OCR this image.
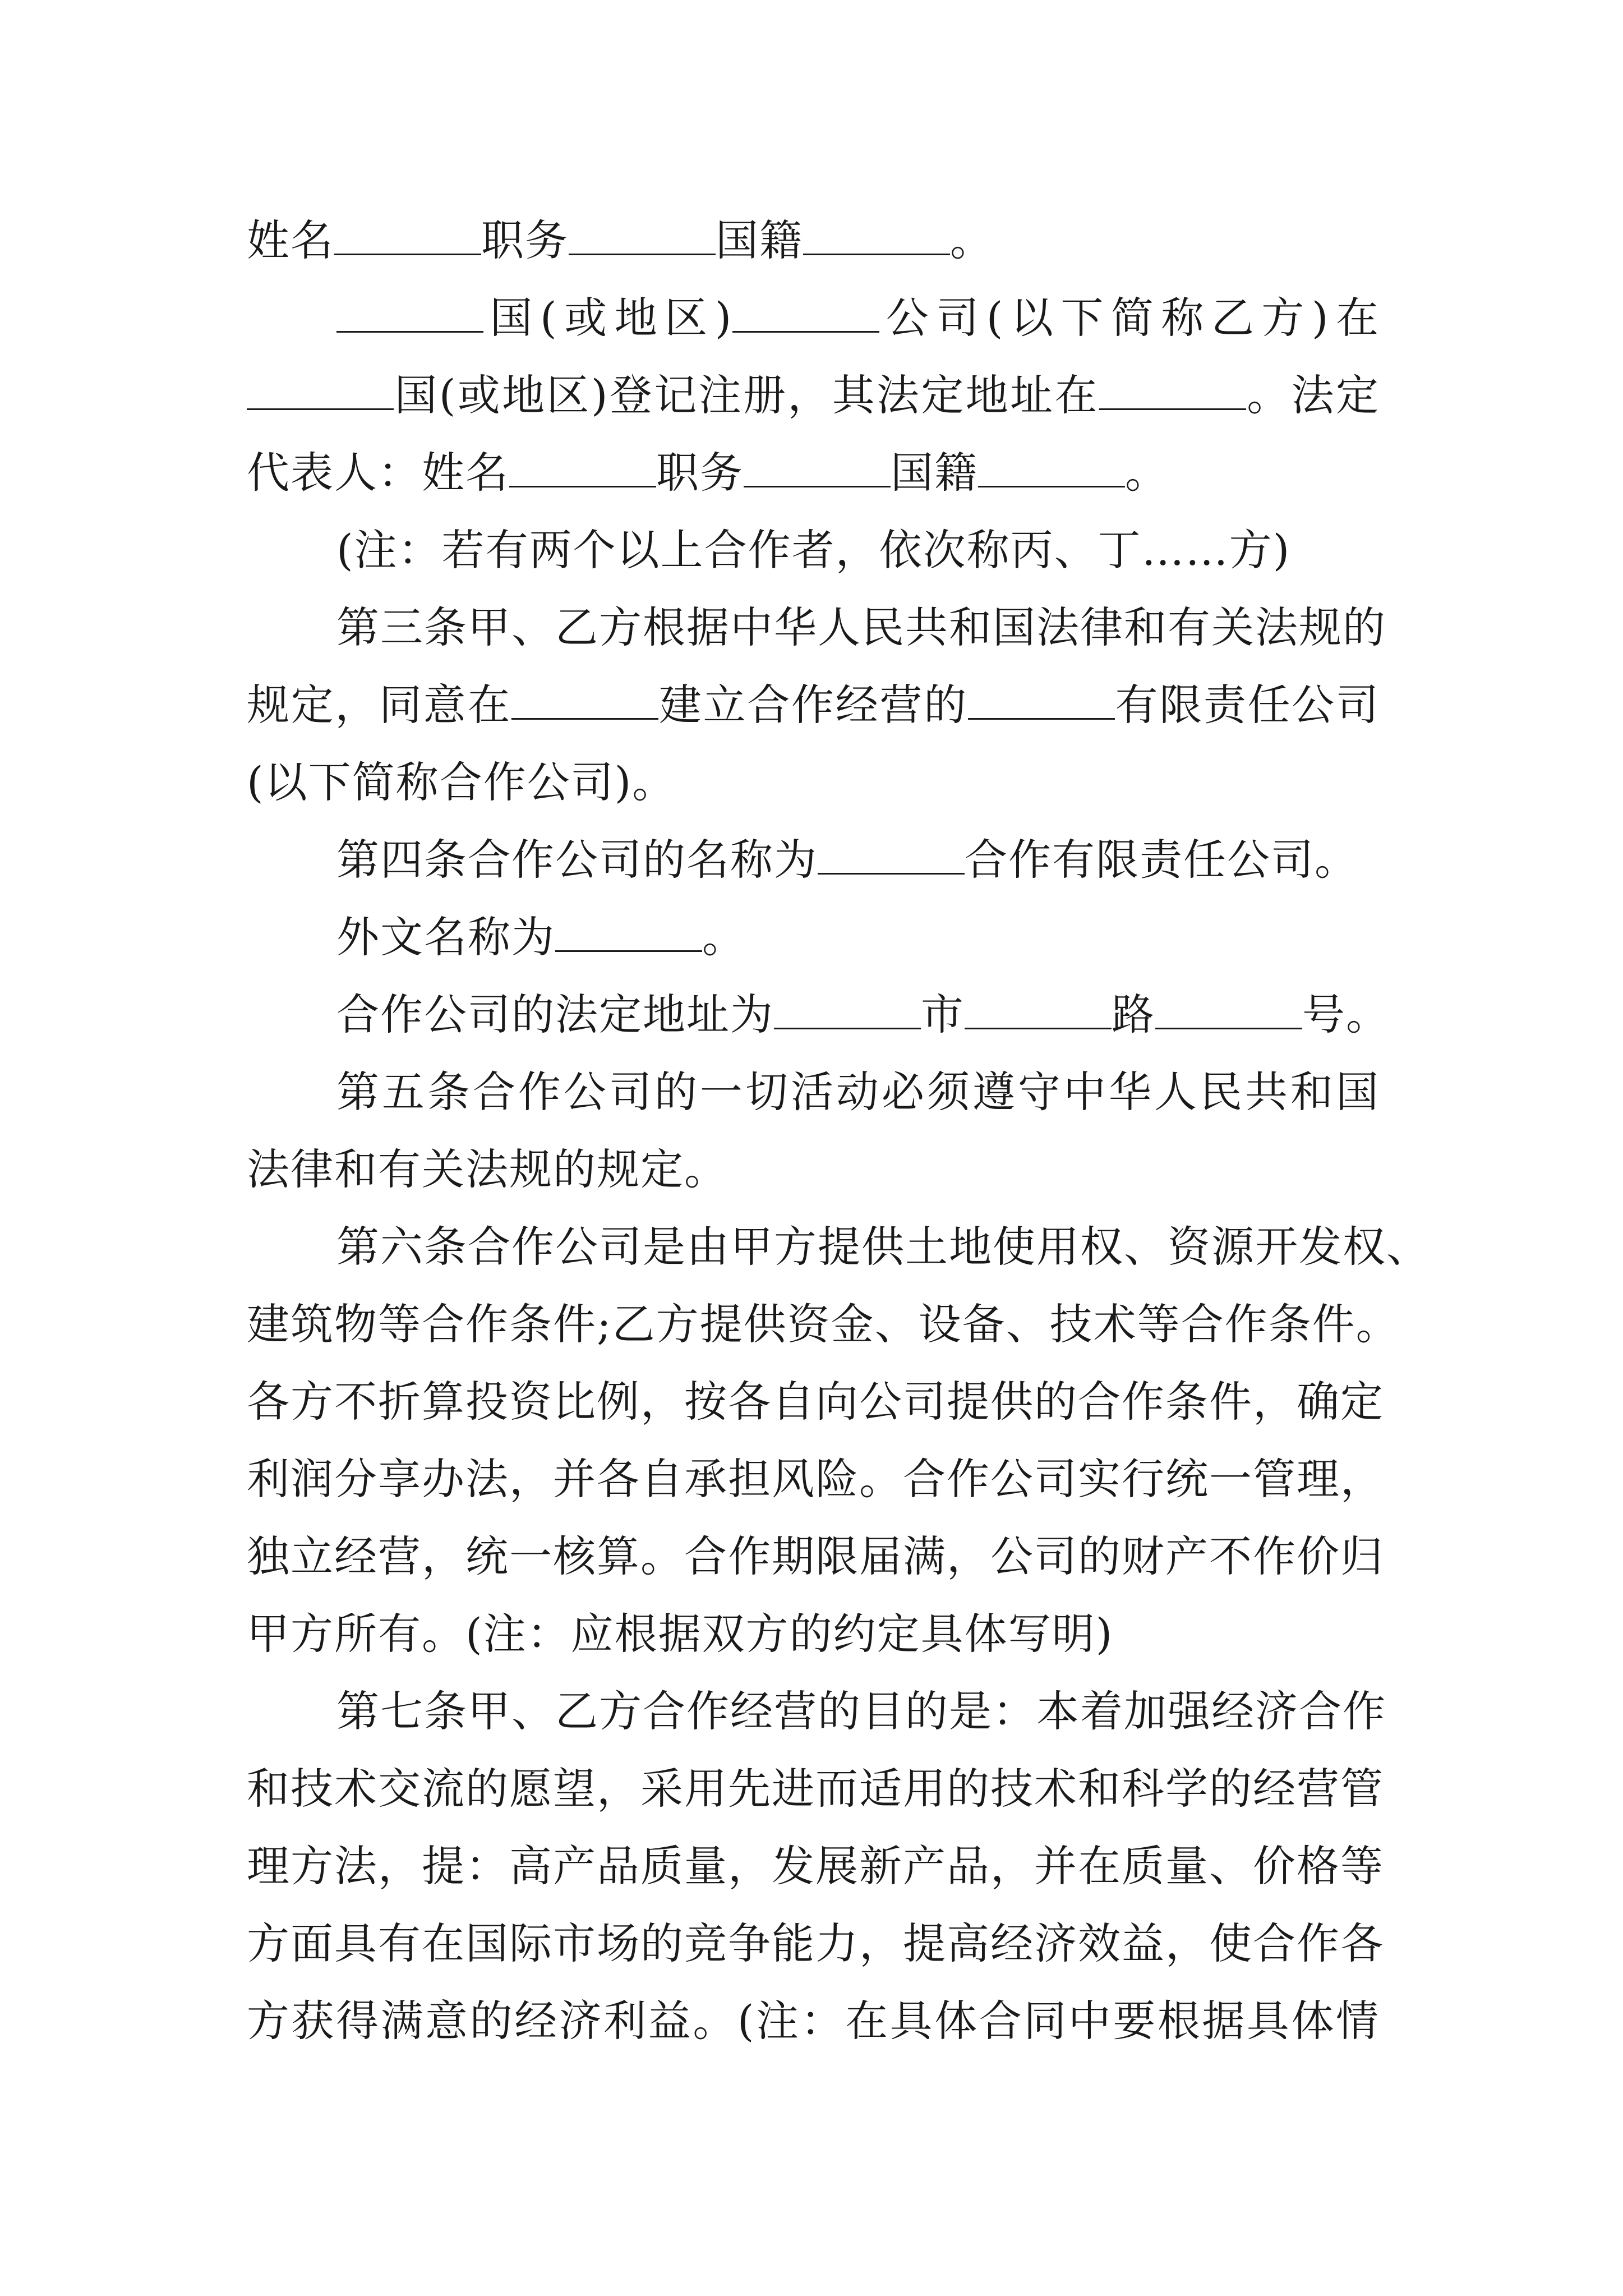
姓名	职务	国籍	。
国(或地区)	公司(以下简称乙方)在
国(或地区)登记注册，其法定地址在	。法定
代表人：姓名	职务	国籍	。
(注：若有两个以上合作者，依次称丙、丁……方)
第三条甲、乙方根据中华人民共和国法律和有关法规的
规定，同意在	建立合作经营的	有限责任公司
(以下简称合作公司)。
第四条合作公司的名称为	合作有限责任公司。
外文名称为	。
合作公司的法定地址为	市	路	号。
第五条合作公司的一切活动必须遵守中华人民共和国
法律和有关法规的规定。
第六条合作公司是由甲方提供土地使用权、资源开发权、
建筑物等合作条件;乙方提供资金、设备、技术等合作条件。
各方不折算投资比例，按各自向公司提供的合作条件，确定
利润分享办法，并各自承担风险。合作公司实行统一管理，
独立经营，统一核算。合作期限届满，公司的财产不作价归
甲方所有。(注：应根据双方的约定具体写明)
第七条甲、乙方合作经营的目的是：本着加强经济合作
和技术交流的愿望，采用先进而适用的技术和科学的经营管
理方法，提：高产品质量，发展新产品，并在质量、价格等
方面具有在国际市场的竞争能力，提高经济效益，使合作各
方获得满意的经济利益。(注：在具体合同中要根据具体情
